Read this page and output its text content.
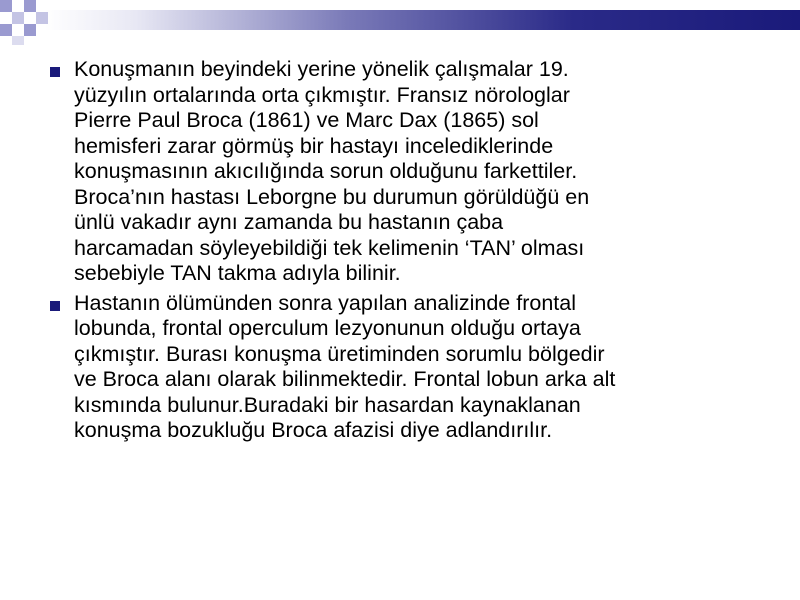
Konuşmanın beyindeki yerine yönelik çalışmalar 19.
yüzyılın ortalarında orta çıkmıştır. Fransız nörologlar
Pierre Paul Broca (1861) ve Marc Dax (1865) sol
hemisferi zarar görmüş bir hastayı incelediklerinde
konuşmasının akıcılığında sorun olduğunu farkettiler.
Broca’nın hastası Leborgne bu durumun görüldüğü en
ünlü vakadır aynı zamanda bu hastanın çaba
harcamadan söyleyebildiği tek kelimenin ‘TAN’ olması
sebebiyle TAN takma adıyla bilinir.

Hastanın ölümünden sonra yapılan analizinde frontal
lobunda, frontal operculum lezyonunun olduğu ortaya
çıkmıştır. Burası konuşma üretiminden sorumlu bölgedir
ve Broca alanı olarak bilinmektedir. Frontal lobun arka alt
kısmında bulunur.Buradaki bir hasardan kaynaklanan
konuşma bozukluğu Broca afazisi diye adlandırılır.
